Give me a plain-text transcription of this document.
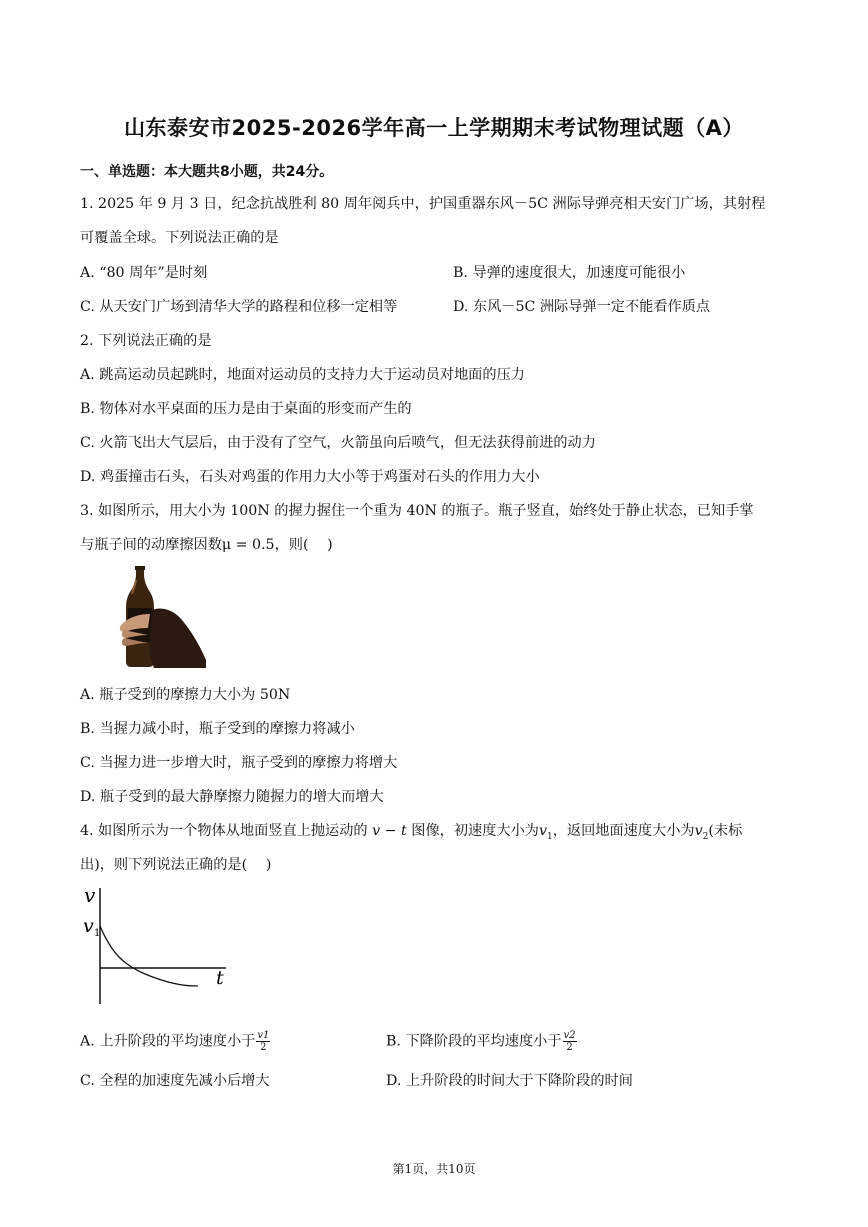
山东泰安市2025-2026学年高一上学期期末考试物理试题（A）
一、单选题：本大题共8小题，共24分。
1. 2025 年 9 月 3 日，纪念抗战胜利 80 周年阅兵中，护国重器东风－5C 洲际导弹亮相天安门广场，其射程
可覆盖全球。下列说法正确的是
A. “80 周年”是时刻	B. 导弹的速度很大，加速度可能很小
C. 从天安门广场到清华大学的路程和位移一定相等	D. 东风－5C 洲际导弹一定不能看作质点
2. 下列说法正确的是
A. 跳高运动员起跳时，地面对运动员的支持力大于运动员对地面的压力
B. 物体对水平桌面的压力是由于桌面的形变而产生的
C. 火箭飞出大气层后，由于没有了空气，火箭虽向后喷气，但无法获得前进的动力
D. 鸡蛋撞击石头，石头对鸡蛋的作用力大小等于鸡蛋对石头的作用力大小
3. 如图所示，用大小为 100N 的握力握住一个重为 40N 的瓶子。瓶子竖直，始终处于静止状态，已知手掌
与瓶子间的动摩擦因数μ = 0.5，则(　 )
A. 瓶子受到的摩擦力大小为 50N
B. 当握力减小时，瓶子受到的摩擦力将减小
C. 当握力进一步增大时，瓶子受到的摩擦力将增大
D. 瓶子受到的最大静摩擦力随握力的增大而增大
4. 如图所示为一个物体从地面竖直上抛运动的 v − t 图像，初速度大小为$v_1$，返回地面速度大小为$v_2$(未标
出)，则下列说法正确的是(　 )
v
v 1
t
A. 上升阶段的平均速度小于 $\frac{v1}{2}$	B. 下降阶段的平均速度小于 $\frac{v2}{2}$
C. 全程的加速度先减小后增大	D. 上升阶段的时间大于下降阶段的时间
第1页，共10页
